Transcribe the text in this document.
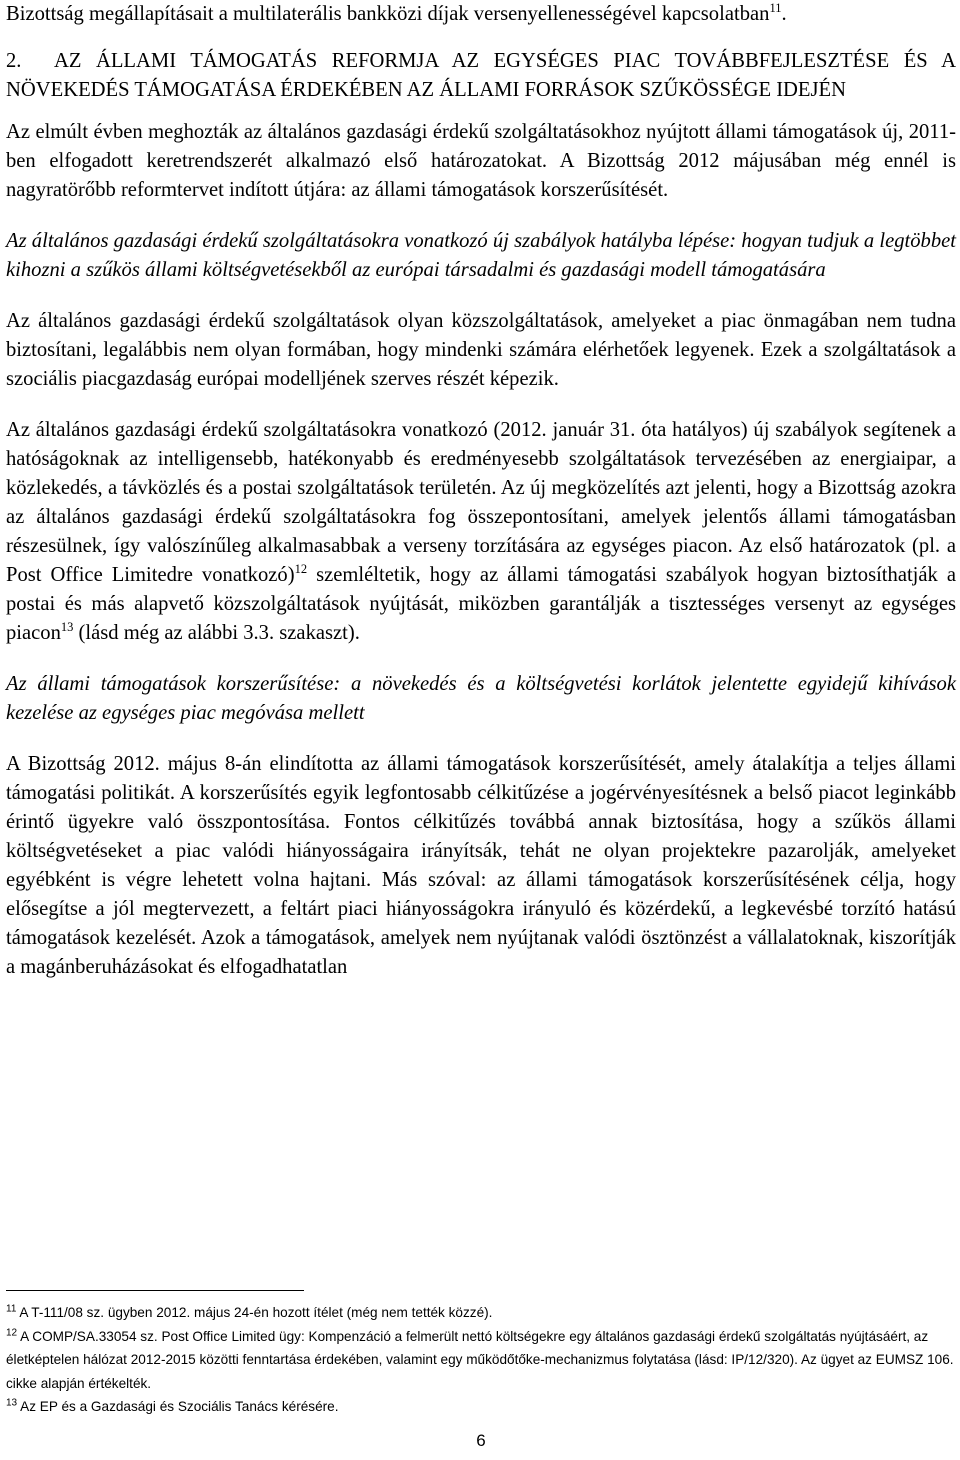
Bizottság megállapításait a multilaterális bankközi díjak versenyellenességével kapcsolatban$^{11}$.

2. AZ ÁLLAMI TÁMOGATÁS REFORMJA AZ EGYSÉGES PIAC TOVÁBBFEJLESZTÉSE ÉS A NÖVEKEDÉS TÁMOGATÁSA ÉRDEKÉBEN AZ ÁLLAMI FORRÁSOK SZŰKÖSSÉGE IDEJÉN

Az elmúlt évben meghozták az általános gazdasági érdekű szolgáltatásokhoz nyújtott állami támogatások új, 2011-ben elfogadott keretrendszerét alkalmazó első határozatokat. A Bizottság 2012 májusában még ennél is nagyratörőbb reformtervet indított útjára: az állami támogatások korszerűsítését.

Az általános gazdasági érdekű szolgáltatásokra vonatkozó új szabályok hatályba lépése: hogyan tudjuk a legtöbbet kihozni a szűkös állami költségvetésekből az európai társadalmi és gazdasági modell támogatására

Az általános gazdasági érdekű szolgáltatások olyan közszolgáltatások, amelyeket a piac önmagában nem tudna biztosítani, legalábbis nem olyan formában, hogy mindenki számára elérhetőek legyenek. Ezek a szolgáltatások a szociális piacgazdaság európai modelljének szerves részét képezik.

Az általános gazdasági érdekű szolgáltatásokra vonatkozó (2012. január 31. óta hatályos) új szabályok segítenek a hatóságoknak az intelligensebb, hatékonyabb és eredményesebb szolgáltatások tervezésében az energiaipar, a közlekedés, a távközlés és a postai szolgáltatások területén. Az új megközelítés azt jelenti, hogy a Bizottság azokra az általános gazdasági érdekű szolgáltatásokra fog összepontosítani, amelyek jelentős állami támogatásban részesülnek, így valószínűleg alkalmasabbak a verseny torzítására az egységes piacon. Az első határozatok (pl. a Post Office Limitedre vonatkozó)$^{12}$ szemléltetik, hogy az állami támogatási szabályok hogyan biztosíthatják a postai és más alapvető közszolgáltatások nyújtását, miközben garantálják a tisztességes versenyt az egységes piacon$^{13}$ (lásd még az alábbi 3.3. szakaszt).

Az állami támogatások korszerűsítése: a növekedés és a költségvetési korlátok jelentette egyidejű kihívások kezelése az egységes piac megóvása mellett

A Bizottság 2012. május 8-án elindította az állami támogatások korszerűsítését, amely átalakítja a teljes állami támogatási politikát. A korszerűsítés egyik legfontosabb célkitűzése a jogérvényesítésnek a belső piacot leginkább érintő ügyekre való összpontosítása. Fontos célkitűzés továbbá annak biztosítása, hogy a szűkös állami költségvetéseket a piac valódi hiányosságaira irányítsák, tehát ne olyan projektekre pazarolják, amelyeket egyébként is végre lehetett volna hajtani. Más szóval: az állami támogatások korszerűsítésének célja, hogy elősegítse a jól megtervezett, a feltárt piaci hiányosságokra irányuló és közérdekű, a legkevésbé torzító hatású támogatások kezelését. Azok a támogatások, amelyek nem nyújtanak valódi ösztönzést a vállalatoknak, kiszorítják a magánberuházásokat és elfogadhatatlan

$^{11}$ A T-111/08 sz. ügyben 2012. május 24-én hozott ítélet (még nem tették közzé).

$^{12}$ A COMP/SA.33054 sz. Post Office Limited ügy: Kompenzáció a felmerült nettó költségekre egy általános gazdasági érdekű szolgáltatás nyújtásáért, az életképtelen hálózat 2012-2015 közötti fenntartása érdekében, valamint egy működőtőke-mechanizmus folytatása (lásd: IP/12/320). Az ügyet az EUMSZ 106. cikke alapján értékelték.

$^{13}$ Az EP és a Gazdasági és Szociális Tanács kérésére.

6
